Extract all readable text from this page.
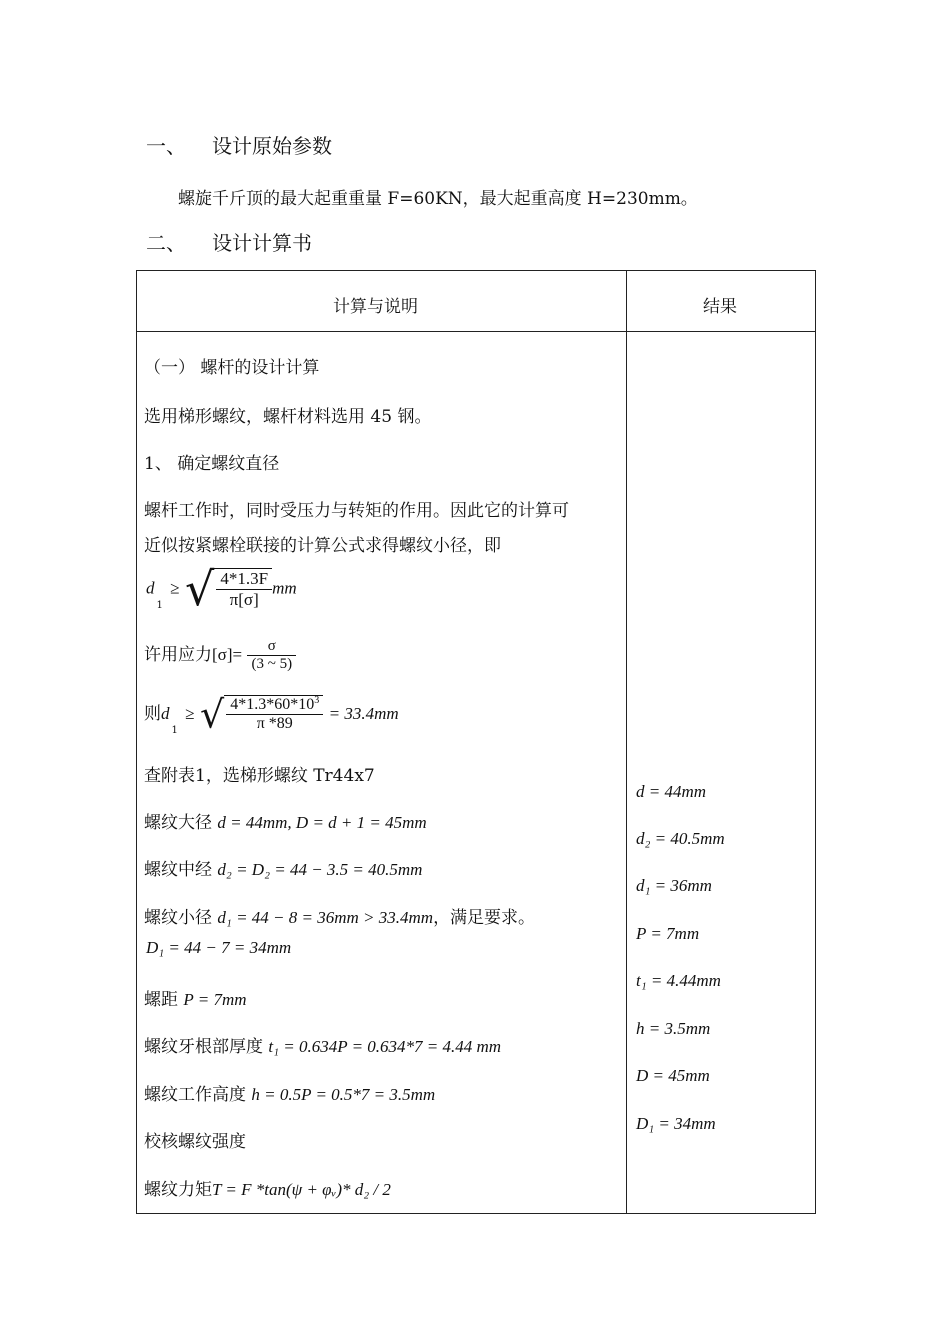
一、 设计原始参数
螺旋千斤顶的最大起重重量 F=60KN，最大起重高度 H=230mm。
二、 设计计算书
计算与说明	结果
（一） 螺杆的设计计算
选用梯形螺纹，螺杆材料选用 45 钢。
1、 确定螺纹直径
螺杆工作时，同时受压力与转矩的作用。因此它的计算可
近似按紧螺栓联接的计算公式求得螺纹小径，即
$d_1$ ≥ √ $\frac{4*1.3F}{\pi[\sigma]}$ mm
许用应力$[\sigma]= \frac{\sigma}{(3 \sim 5)}$
则$d_1$ ≥ √ $\frac{4*1.3*60*10^3}{\pi *89} = 33.4mm$
查附表1，选梯形螺纹 Tr44x7
螺纹大径 d = 44mm, D = d + 1 = 45mm
螺纹中经 d₂ = D₂ = 44 − 3.5 = 40.5mm
螺纹小径 d₁ = 44 − 8 = 36mm > 33.4mm，满足要求。
D₁ = 44 − 7 = 34mm
螺距 P = 7mm
螺纹牙根部厚度 t₁ = 0.634P = 0.634*7 = 4.44 mm
螺纹工作高度 h = 0.5P = 0.5*7 = 3.5mm
校核螺纹强度
螺纹力矩T = F *tan(ψ + φᵥ)* d₂ / 2
d = 44mm
d₂ = 40.5mm
d₁ = 36mm
P = 7mm
t₁ = 4.44mm
h = 3.5mm
D = 45mm
D₁ = 34mm
